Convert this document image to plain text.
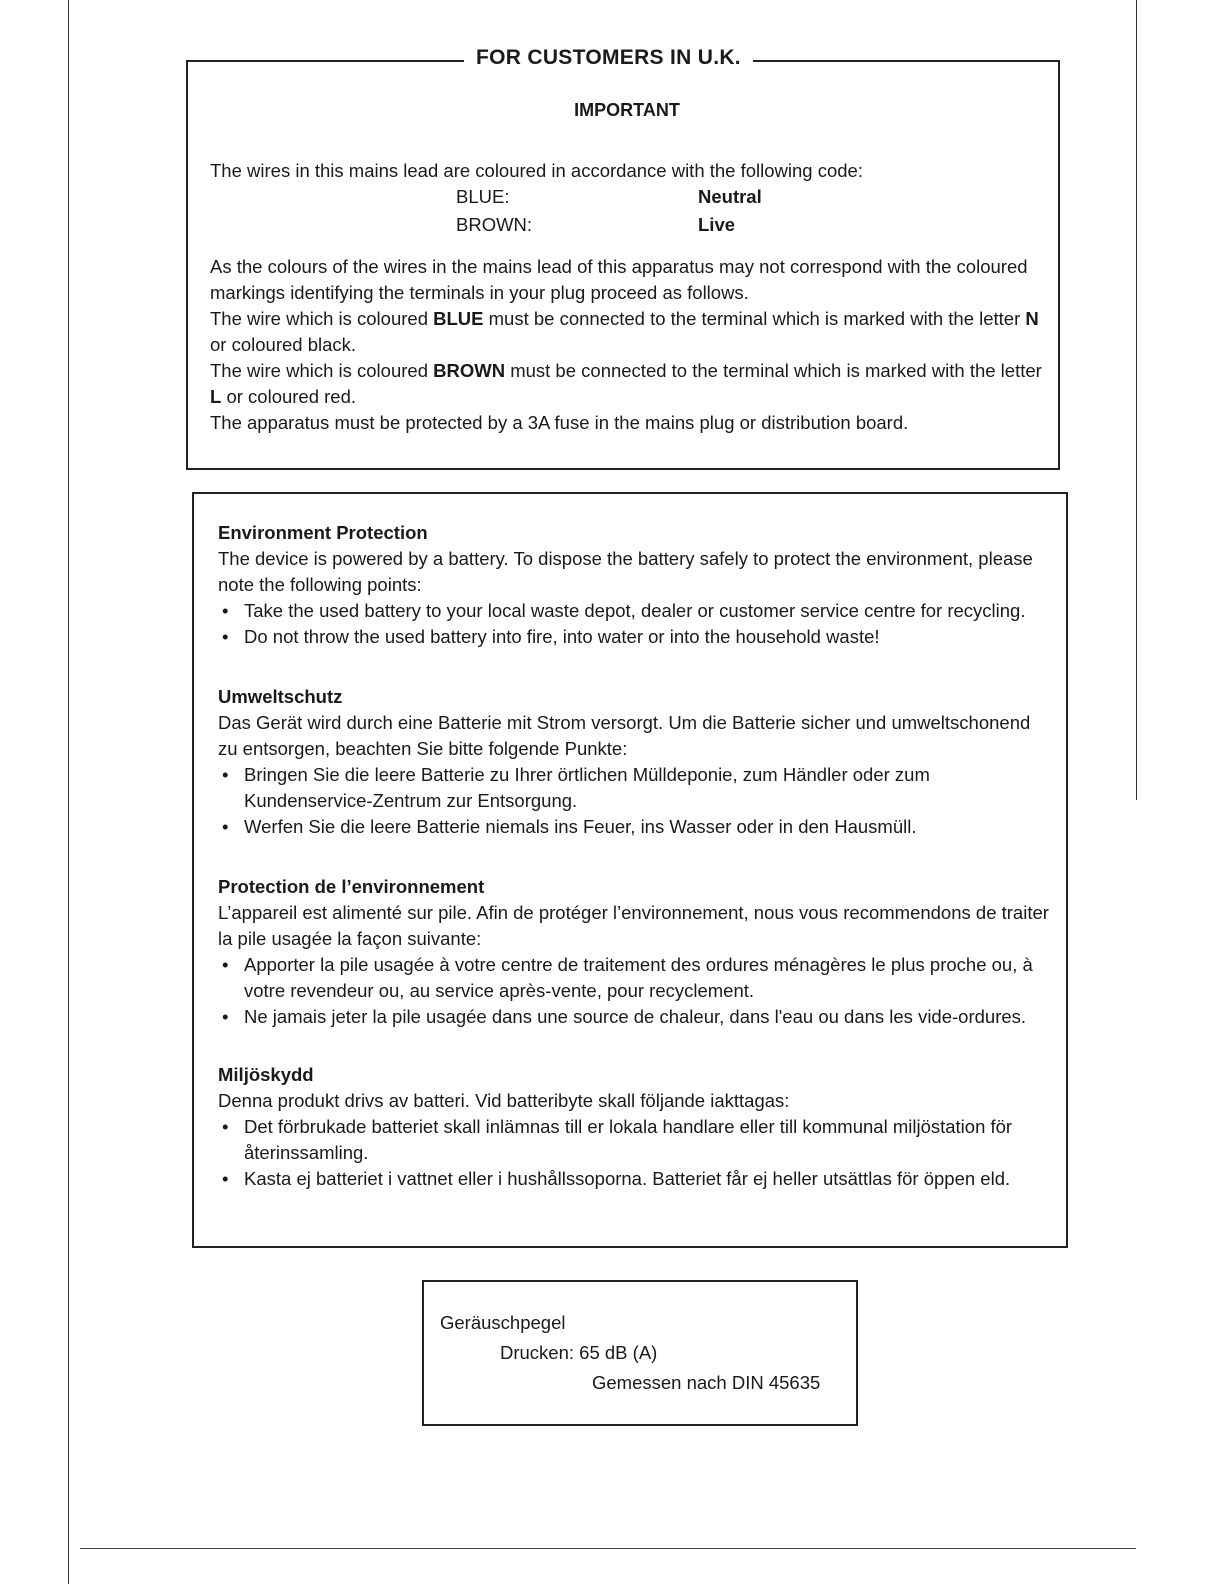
FOR CUSTOMERS IN U.K.
IMPORTANT
The wires in this mains lead are coloured in accordance with the following code:
BLUE:	Neutral
BROWN:	Live
As the colours of the wires in the mains lead of this apparatus may not correspond with the coloured markings identifying the terminals in your plug proceed as follows.
The wire which is coloured BLUE must be connected to the terminal which is marked with the letter N or coloured black.
The wire which is coloured BROWN must be connected to the terminal which is marked with the letter L or coloured red.
The apparatus must be protected by a 3A fuse in the mains plug or distribution board.
Environment Protection
The device is powered by a battery. To dispose the battery safely to protect the environment, please note the following points:
• Take the used battery to your local waste depot, dealer or customer service centre for recycling.
• Do not throw the used battery into fire, into water or into the household waste!
Umweltschutz
Das Gerät wird durch eine Batterie mit Strom versorgt. Um die Batterie sicher und umweltschonend zu entsorgen, beachten Sie bitte folgende Punkte:
• Bringen Sie die leere Batterie zu Ihrer örtlichen Mülldeponie, zum Händler oder zum Kundenservice-Zentrum zur Entsorgung.
• Werfen Sie die leere Batterie niemals ins Feuer, ins Wasser oder in den Hausmüll.
Protection de l’environnement
L’appareil est alimenté sur pile. Afin de protéger l’environnement, nous vous recommendons de traiter la pile usagée la façon suivante:
• Apporter la pile usagée à votre centre de traitement des ordures ménagères le plus proche ou, à votre revendeur ou, au service après-vente, pour recyclement.
• Ne jamais jeter la pile usagée dans une source de chaleur, dans l'eau ou dans les vide-ordures.
Miljöskydd
Denna produkt drivs av batteri. Vid batteribyte skall följande iakttagas:
• Det förbrukade batteriet skall inlämnas till er lokala handlare eller till kommunal miljöstation för återinssamling.
• Kasta ej batteriet i vattnet eller i hushållssoporna. Batteriet får ej heller utsättlas för öppen eld.
Geräuschpegel
Drucken: 65 dB (A)
Gemessen nach DIN 45635
